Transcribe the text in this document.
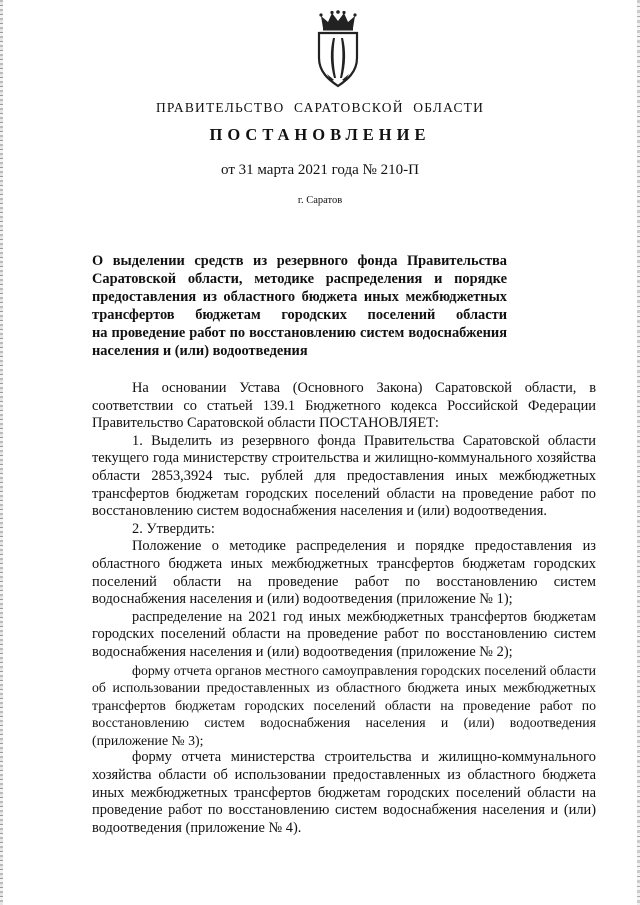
ПРАВИТЕЛЬСТВО САРАТОВСКОЙ ОБЛАСТИ
ПОСТАНОВЛЕНИЕ
от 31 марта 2021 года № 210-П
г. Саратов
О выделении средств из резервного фонда Правительства
Саратовской области, методике распределения и порядке
предоставления из областного бюджета иных межбюджетных
трансфертов бюджетам городских поселений области
на проведение работ по восстановлению систем водоснабжения
населения и (или) водоотведения

На основании Устава (Основного Закона) Саратовской области, в соответствии со статьей 139.1 Бюджетного кодекса Российской Федерации Правительство Саратовской области ПОСТАНОВЛЯЕТ:

1. Выделить из резервного фонда Правительства Саратовской области текущего года министерству строительства и жилищно-коммунального хозяйства области 2853,3924 тыс. рублей для предоставления иных межбюджетных трансфертов бюджетам городских поселений области на проведение работ по восстановлению систем водоснабжения населения и (или) водоотведения.

2. Утвердить:

Положение о методике распределения и порядке предоставления из областного бюджета иных межбюджетных трансфертов бюджетам городских поселений области на проведение работ по восстановлению систем водоснабжения населения и (или) водоотведения (приложение № 1);

распределение на 2021 год иных межбюджетных трансфертов бюджетам городских поселений области на проведение работ по восстановлению систем водоснабжения населения и (или) водоотведения (приложение № 2);

форму отчета органов местного самоуправления городских поселений области об использовании предоставленных из областного бюджета иных межбюджетных трансфертов бюджетам городских поселений области на проведение работ по восстановлению систем водоснабжения населения и (или) водоотведения (приложение № 3);

форму отчета министерства строительства и жилищно-коммунального хозяйства области об использовании предоставленных из областного бюджета иных межбюджетных трансфертов бюджетам городских поселений области на проведение работ по восстановлению систем водоснабжения населения и (или) водоотведения (приложение № 4).
